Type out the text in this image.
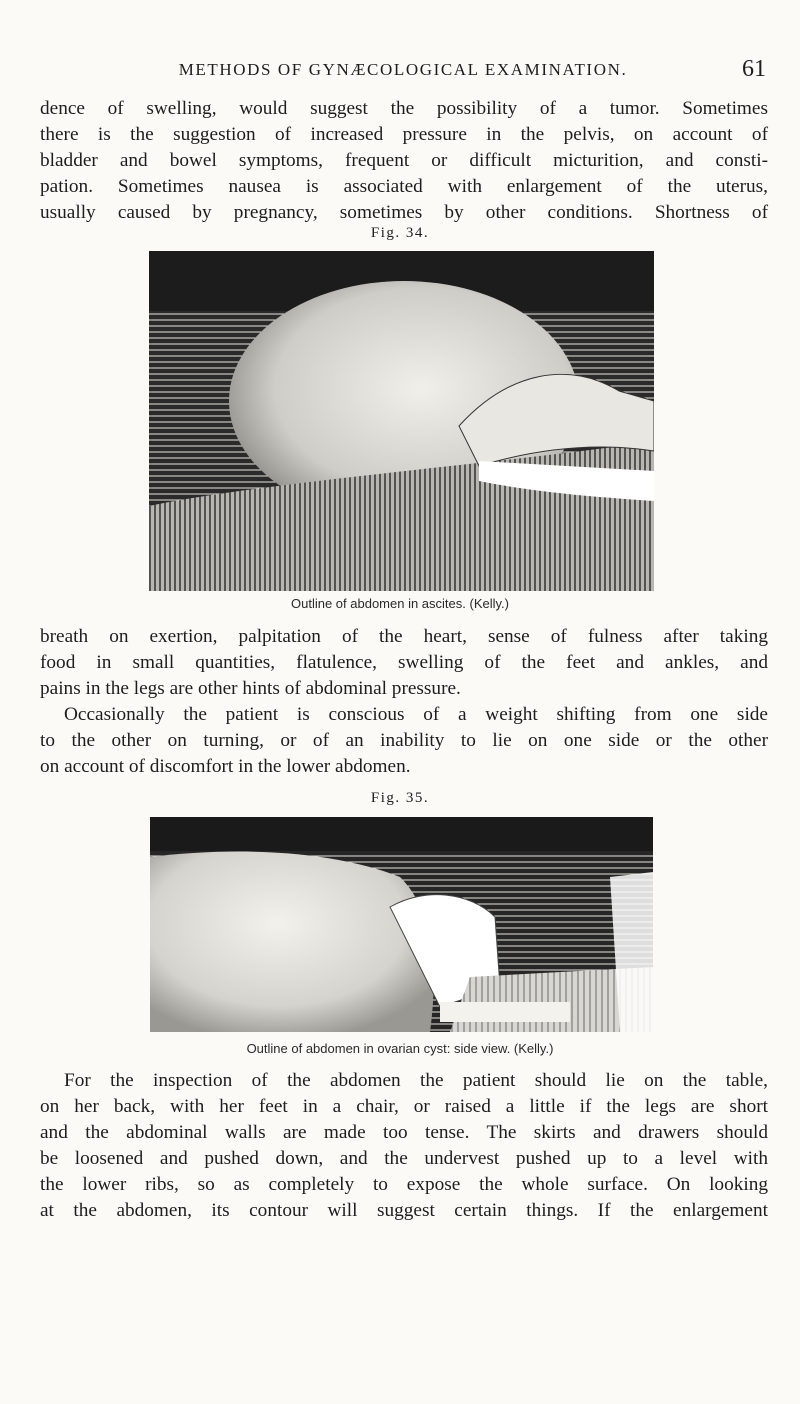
METHODS OF GYNÆCOLOGICAL EXAMINATION.	61
dence of swelling, would suggest the possibility of a tumor. Sometimes
there is the suggestion of increased pressure in the pelvis, on account of
bladder and bowel symptoms, frequent or difficult micturition, and consti-
pation. Sometimes nausea is associated with enlargement of the uterus,
usually caused by pregnancy, sometimes by other conditions. Shortness of
Fig. 34.
Outline of abdomen in ascites. (Kelly.)
breath on exertion, palpitation of the heart, sense of fulness after taking
food in small quantities, flatulence, swelling of the feet and ankles, and
pains in the legs are other hints of abdominal pressure.
Occasionally the patient is conscious of a weight shifting from one side
to the other on turning, or of an inability to lie on one side or the other
on account of discomfort in the lower abdomen.
Fig. 35.
Outline of abdomen in ovarian cyst: side view. (Kelly.)
For the inspection of the abdomen the patient should lie on the table,
on her back, with her feet in a chair, or raised a little if the legs are short
and the abdominal walls are made too tense. The skirts and drawers should
be loosened and pushed down, and the undervest pushed up to a level with
the lower ribs, so as completely to expose the whole surface. On looking
at the abdomen, its contour will suggest certain things. If the enlargement
